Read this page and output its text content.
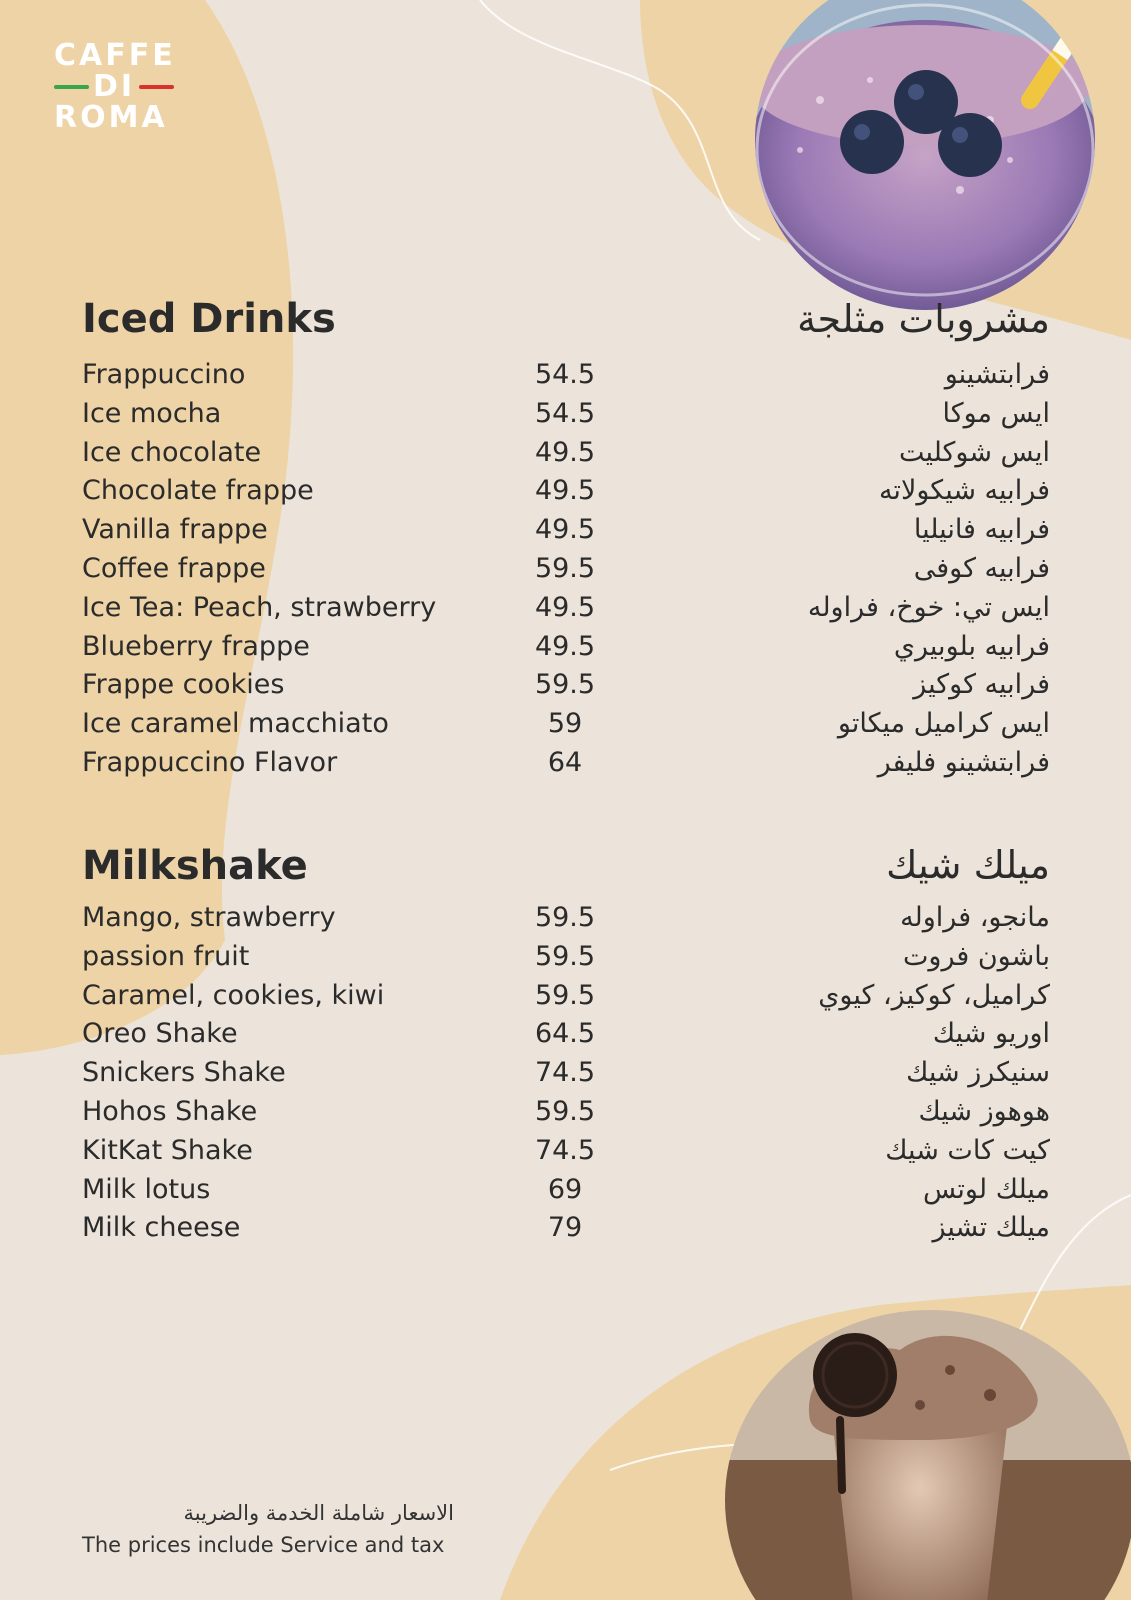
CAFFE
DI
ROMA
Iced Drinks	مشروبات مثلجة
Frappuccino	54.5	فرابتشينو
Ice mocha	54.5	ايس موكا
Ice chocolate	49.5	ايس شوكليت
Chocolate frappe	49.5	فرابيه شيكولاته
Vanilla frappe	49.5	فرابيه فانيليا
Coffee frappe	59.5	فرابيه كوفى
Ice Tea: Peach, strawberry	49.5	ايس تي: خوخ، فراوله
Blueberry frappe	49.5	فرابيه بلوبيري
Frappe cookies	59.5	فرابيه كوكيز
Ice caramel macchiato	59	ايس كراميل ميكاتو
Frappuccino Flavor	64	فرابتشينو فليفر
Milkshake	ميلك شيك
Mango, strawberry	59.5	مانجو، فراوله
passion fruit	59.5	باشون فروت
Caramel, cookies, kiwi	59.5	كراميل، كوكيز، كيوي
Oreo Shake	64.5	اوريو شيك
Snickers Shake	74.5	سنيكرز شيك
Hohos Shake	59.5	هوهوز شيك
KitKat Shake	74.5	كيت كات شيك
Milk lotus	69	ميلك لوتس
Milk cheese	79	ميلك تشيز
الاسعار شاملة الخدمة والضريبة
The prices include Service and tax
